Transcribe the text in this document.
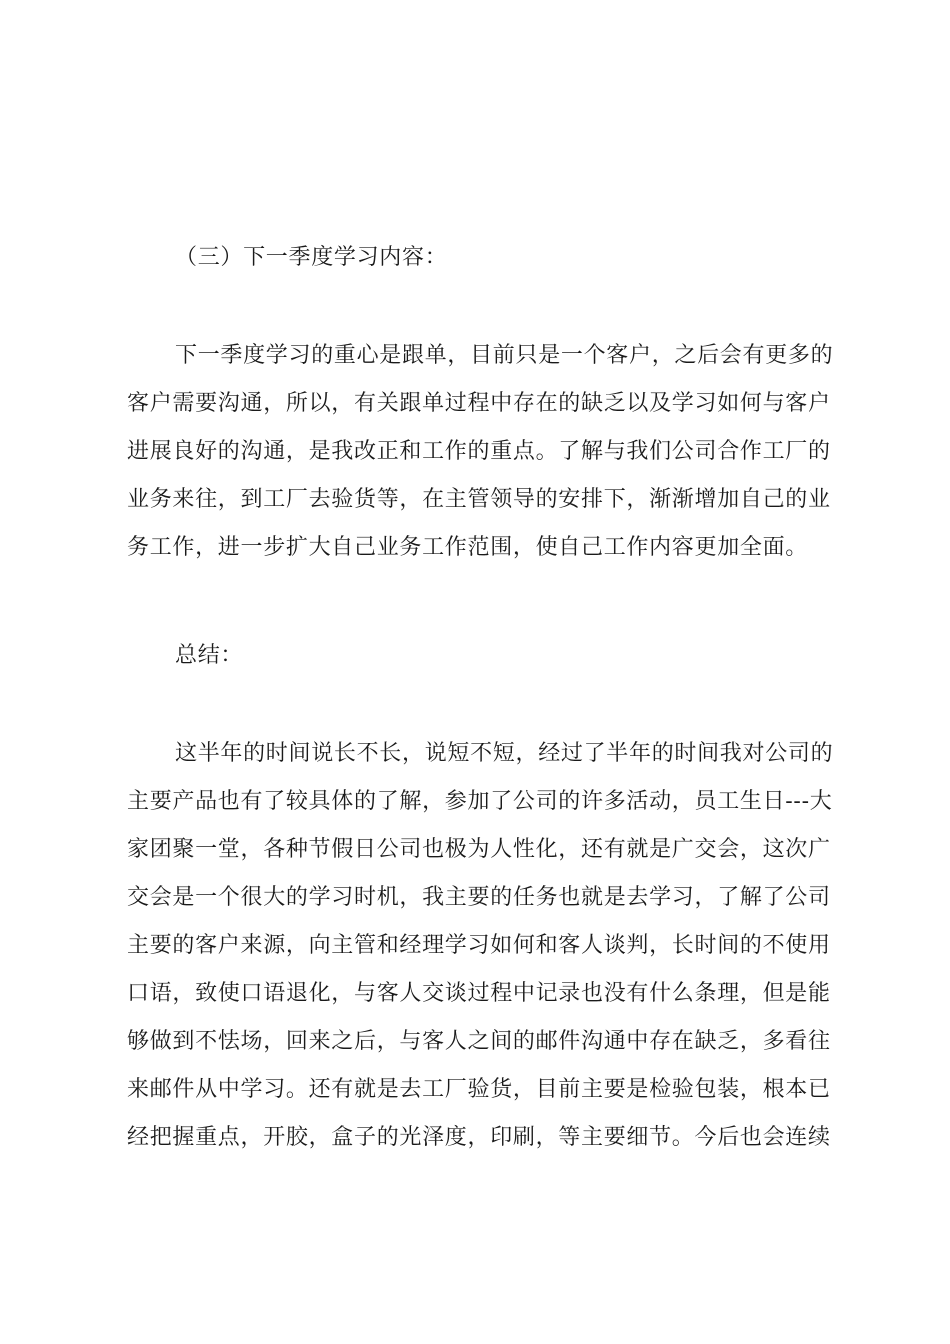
（三）下一季度学习内容：
下一季度学习的重心是跟单，目前只是一个客户，之后会有更多的
客户需要沟通，所以，有关跟单过程中存在的缺乏以及学习如何与客户
进展良好的沟通，是我改正和工作的重点。了解与我们公司合作工厂的
业务来往，到工厂去验货等，在主管领导的安排下，渐渐增加自己的业
务工作，进一步扩大自己业务工作范围，使自己工作内容更加全面。
总结：
这半年的时间说长不长，说短不短，经过了半年的时间我对公司的
主要产品也有了较具体的了解，参加了公司的许多活动，员工生日---大
家团聚一堂，各种节假日公司也极为人性化，还有就是广交会，这次广
交会是一个很大的学习时机，我主要的任务也就是去学习，了解了公司
主要的客户来源，向主管和经理学习如何和客人谈判，长时间的不使用
口语，致使口语退化，与客人交谈过程中记录也没有什么条理，但是能
够做到不怯场，回来之后，与客人之间的邮件沟通中存在缺乏，多看往
来邮件从中学习。还有就是去工厂验货，目前主要是检验包装，根本已
经把握重点，开胶，盒子的光泽度，印刷，等主要细节。今后也会连续
